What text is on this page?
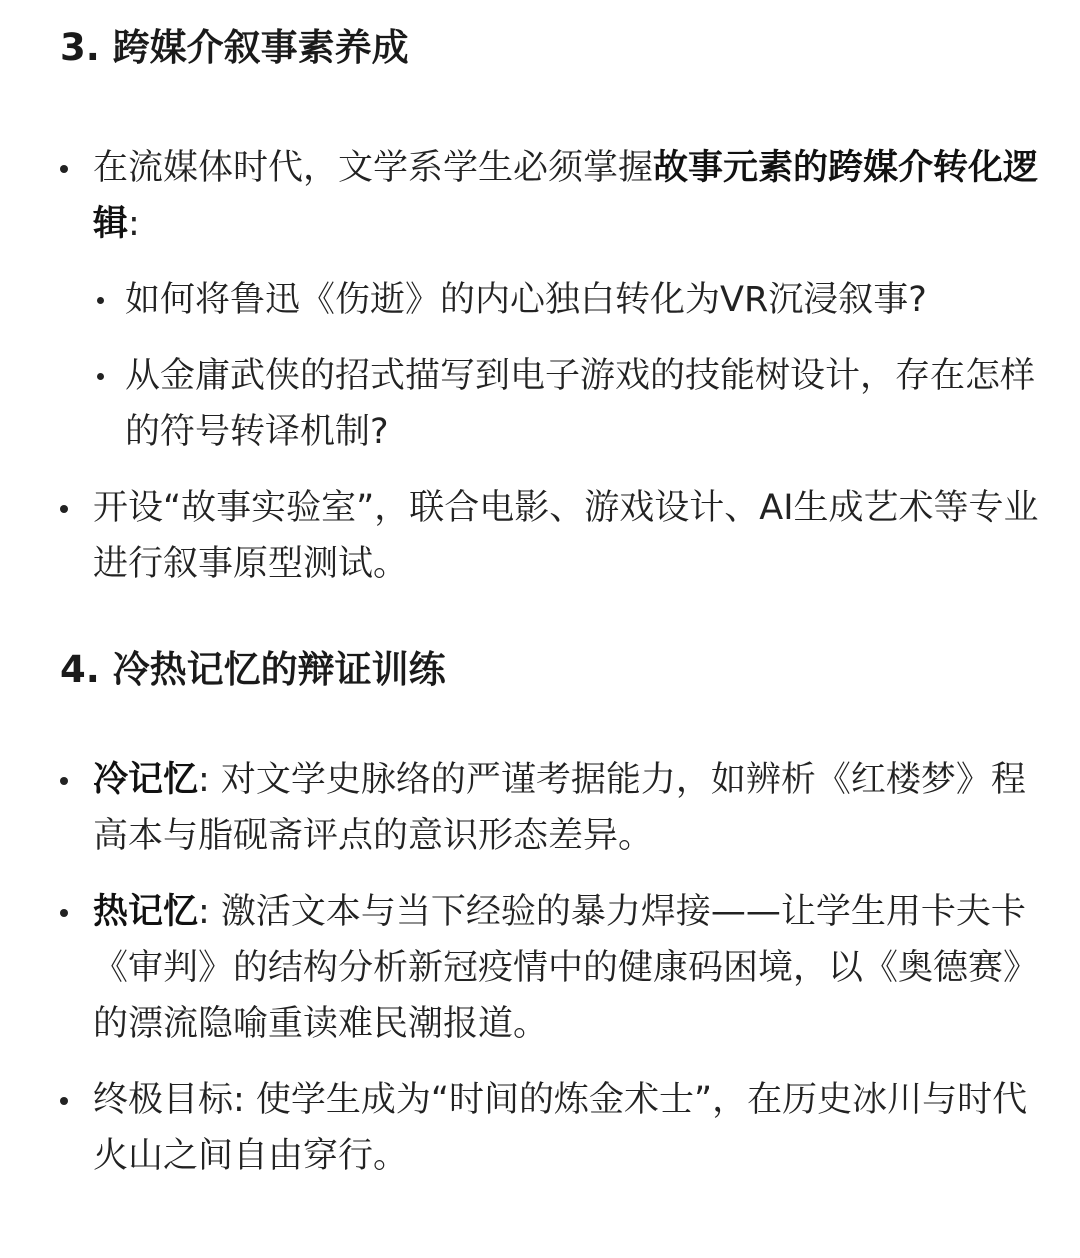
3. 跨媒介叙事素养成
在流媒体时代，文学系学生必须掌握故事元素的跨媒介转化逻辑:
如何将鲁迅《伤逝》的内心独白转化为VR沉浸叙事?
从金庸武侠的招式描写到电子游戏的技能树设计，存在怎样的符号转译机制?
开设“故事实验室”，联合电影、游戏设计、AI生成艺术等专业进行叙事原型测试。
4. 冷热记忆的辩证训练
冷记忆: 对文学史脉络的严谨考据能力，如辨析《红楼梦》程高本与脂砚斋评点的意识形态差异。
热记忆: 激活文本与当下经验的暴力焊接——让学生用卡夫卡《审判》的结构分析新冠疫情中的健康码困境，以《奥德赛》的漂流隐喻重读难民潮报道。
终极目标: 使学生成为“时间的炼金术士”，在历史冰川与时代火山之间自由穿行。
